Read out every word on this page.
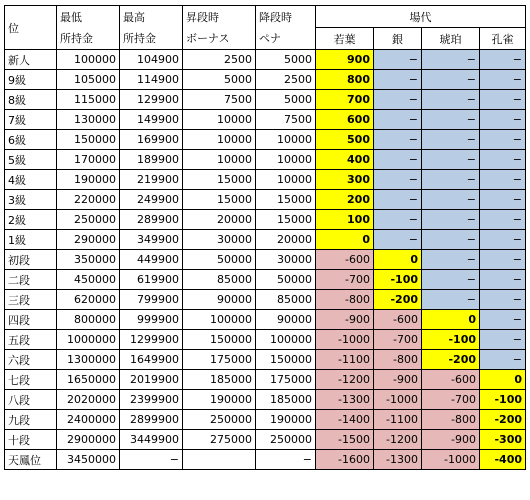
位	最低	最高	昇段時	降段時	場代			
	所持金	所持金	ボーナス	ペナ	若葉	銀	琥珀	孔雀
新人	100000	104900	2500	5000	900	−	−	−
9級	105000	114900	5000	2500	800	−	−	−
8級	115000	129900	7500	5000	700	−	−	−
7級	130000	149900	10000	7500	600	−	−	−
6級	150000	169900	10000	10000	500	−	−	−
5級	170000	189900	10000	10000	400	−	−	−
4級	190000	219900	15000	10000	300	−	−	−
3級	220000	249900	15000	15000	200	−	−	−
2級	250000	289900	20000	15000	100	−	−	−
1級	290000	349900	30000	20000	0	−	−	−
初段	350000	449900	50000	30000	-600	0	−	−
二段	450000	619900	85000	50000	-700	-100	−	−
三段	620000	799900	90000	85000	-800	-200	−	−
四段	800000	999900	100000	90000	-900	-600	0	−
五段	1000000	1299900	150000	100000	-1000	-700	-100	−
六段	1300000	1649900	175000	150000	-1100	-800	-200	−
七段	1650000	2019900	185000	175000	-1200	-900	-600	0
八段	2020000	2399900	190000	185000	-1300	-1000	-700	-100
九段	2400000	2899900	250000	190000	-1400	-1100	-800	-200
十段	2900000	3449900	275000	250000	-1500	-1200	-900	-300
天鳳位	3450000	−		−	-1600	-1300	-1000	-400
